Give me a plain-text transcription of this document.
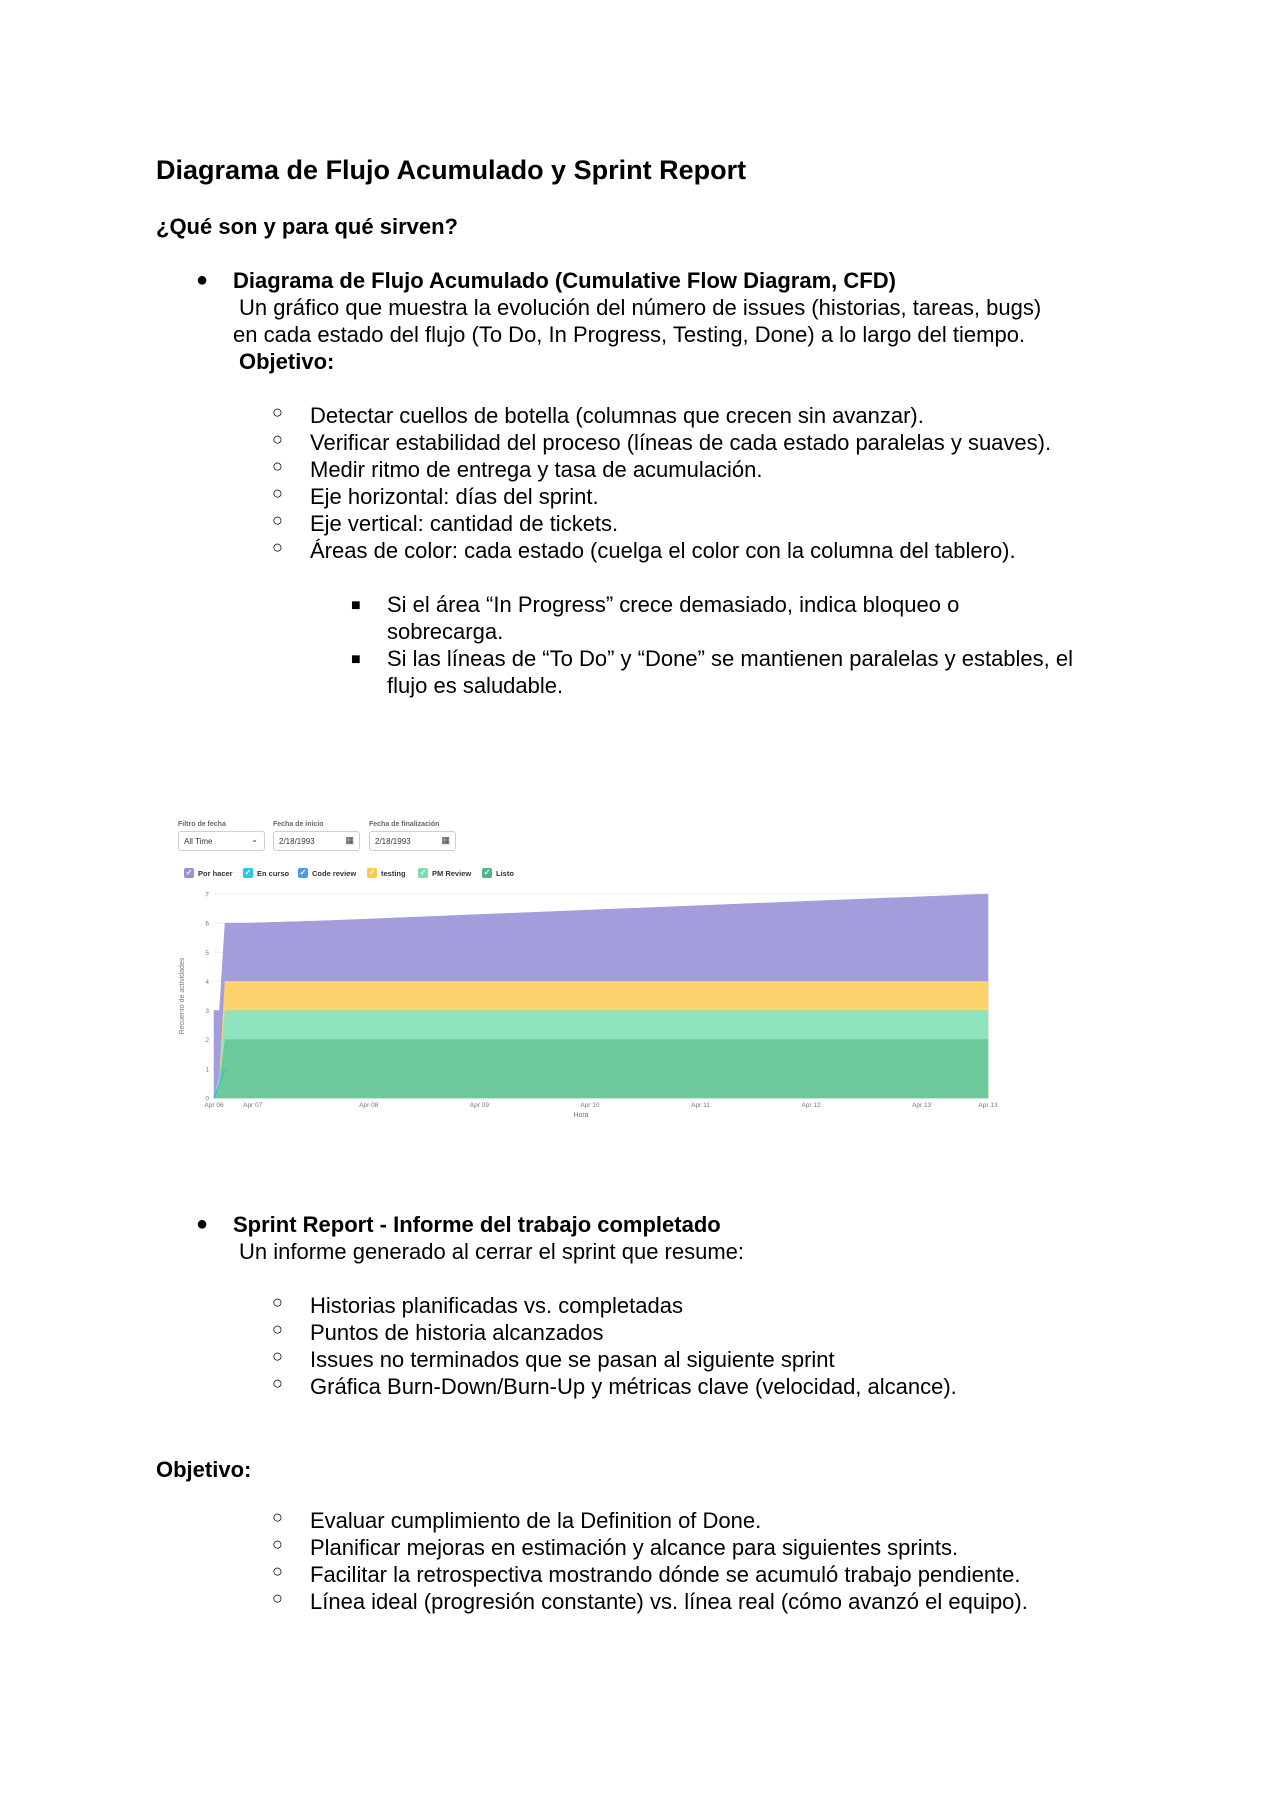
Diagrama de Flujo Acumulado y Sprint Report
¿Qué son y para qué sirven?
● Diagrama de Flujo Acumulado (Cumulative Flow Diagram, CFD)
Un gráfico que muestra la evolución del número de issues (historias, tareas, bugs)
en cada estado del flujo (To Do, In Progress, Testing, Done) a lo largo del tiempo.
Objetivo:
○ Detectar cuellos de botella (columnas que crecen sin avanzar).
○ Verificar estabilidad del proceso (líneas de cada estado paralelas y suaves).
○ Medir ritmo de entrega y tasa de acumulación.
○ Eje horizontal: días del sprint.
○ Eje vertical: cantidad de tickets.
○ Áreas de color: cada estado (cuelga el color con la columna del tablero).
■ Si el área “In Progress” crece demasiado, indica bloqueo o
sobrecarga.
■ Si las líneas de “To Do” y “Done” se mantienen paralelas y estables, el
flujo es saludable.
Filtro de fecha
All Time	⌄
Fecha de inicio
2/18/1993	▦
Fecha de finalización
2/18/1993	▦
✓ Por hacer ✓ En curso ✓ Code review ✓ testing ✓ PM Review ✓ Listo
0
1
2
3
4
5
6
7
Apr 06	Apr 07	Apr 08	Apr 09	Apr 10	Apr 11	Apr 12	Apr 13	Apr 13
Hora
Recuento de actividades
● Sprint Report - Informe del trabajo completado
Un informe generado al cerrar el sprint que resume:
○ Historias planificadas vs. completadas
○ Puntos de historia alcanzados
○ Issues no terminados que se pasan al siguiente sprint
○ Gráfica Burn-Down/Burn-Up y métricas clave (velocidad, alcance).
Objetivo:
○ Evaluar cumplimiento de la Definition of Done.
○ Planificar mejoras en estimación y alcance para siguientes sprints.
○ Facilitar la retrospectiva mostrando dónde se acumuló trabajo pendiente.
○ Línea ideal (progresión constante) vs. línea real (cómo avanzó el equipo).
